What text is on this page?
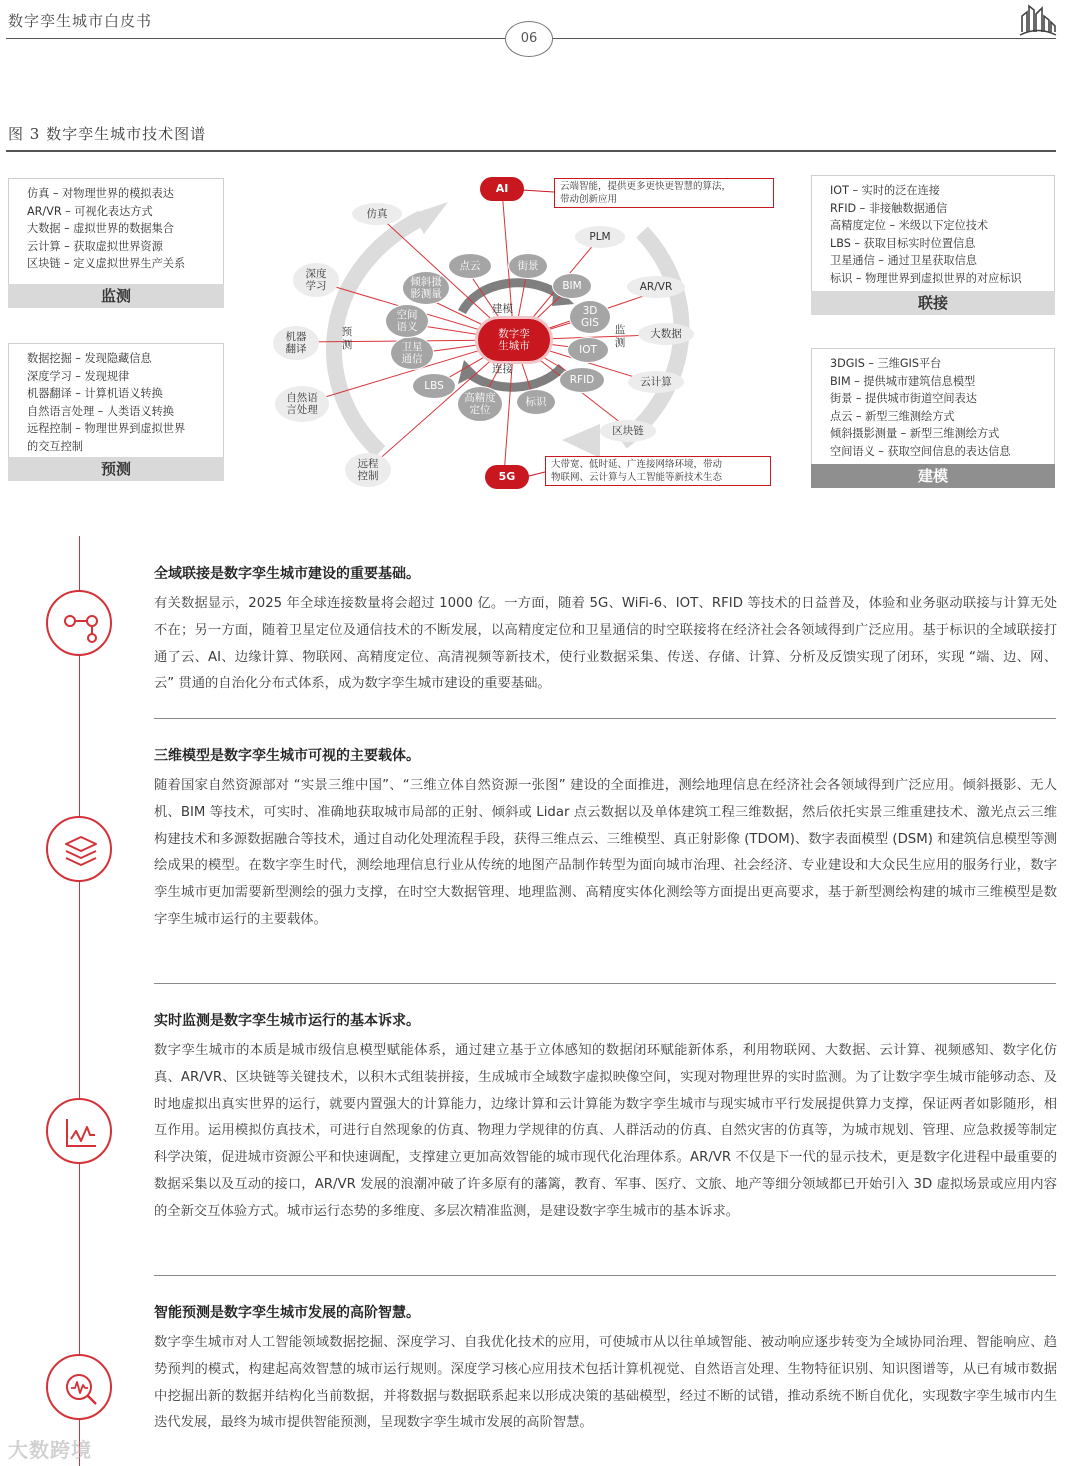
数字孪生城市白皮书
06
图 3 数字孪生城市技术图谱
仿真 – 对物理世界的模拟表达
AR/VR – 可视化表达方式
大数据 – 虚拟世界的数据集合
云计算 – 获取虚拟世界资源
区块链 – 定义虚拟世界生产关系
监测
数据挖掘 – 发现隐藏信息
深度学习 – 发现规律
机器翻译 – 计算机语义转换
自然语言处理 – 人类语义转换
远程控制 – 物理世界到虚拟世界
的交互控制
预测
IOT – 实时的泛在连接
RFID – 非接触数据通信
高精度定位 – 米级以下定位技术
LBS – 获取目标实时位置信息
卫星通信 – 通过卫星获取信息
标识 – 物理世界到虚拟世界的对应标识
联接
3DGIS – 三维GIS平台
BIM – 提供城市建筑信息模型
街景 – 提供城市街道空间表达
点云 – 新型三维测绘方式
倾斜摄影测量 – 新型三维测绘方式
空间语义 – 获取空间信息的表达信息
建模
AI
5G
数字孪
生城市
云端智能，提供更多更快更智慧的算法，
带动创新应用
大带宽、低时延、广连接网络环境，带动
物联网、云计算与人工智能等新技术生态
建模
连接
预
测
监
测
点云	街景
BIM
3D
GIS
IOT
RFID
标识
高精度
定位
LBS
卫星
通信
空间
语义
倾斜摄
影测量
仿真
PLM
AR/VR
大数据
云计算
区块链
深度
学习
机器
翻译
自然语
言处理
远程
控制
全域联接是数字孪生城市建设的重要基础。
有关数据显示，2025 年全球连接数量将会超过 1000 亿。一方面，随着 5G、WiFi-6、IOT、RFID 等技术的日益普及，体验和业务驱动联接与计算无处不在；另一方面，随着卫星定位及通信技术的不断发展，以高精度定位和卫星通信的时空联接将在经济社会各领域得到广泛应用。基于标识的全域联接打通了云、AI、边缘计算、物联网、高精度定位、高清视频等新技术，使行业数据采集、传送、存储、计算、分析及反馈实现了闭环，实现 “端、边、网、云” 贯通的自治化分布式体系，成为数字孪生城市建设的重要基础。
三维模型是数字孪生城市可视的主要载体。
随着国家自然资源部对 “实景三维中国”、“三维立体自然资源一张图” 建设的全面推进，测绘地理信息在经济社会各领域得到广泛应用。倾斜摄影、无人机、BIM 等技术，可实时、准确地获取城市局部的正射、倾斜或 Lidar 点云数据以及单体建筑工程三维数据，然后依托实景三维重建技术、激光点云三维构建技术和多源数据融合等技术，通过自动化处理流程手段，获得三维点云、三维模型、真正射影像 (TDOM)、数字表面模型 (DSM) 和建筑信息模型等测绘成果的模型。在数字孪生时代，测绘地理信息行业从传统的地图产品制作转型为面向城市治理、社会经济、专业建设和大众民生应用的服务行业，数字孪生城市更加需要新型测绘的强力支撑，在时空大数据管理、地理监测、高精度实体化测绘等方面提出更高要求，基于新型测绘构建的城市三维模型是数字孪生城市运行的主要载体。
实时监测是数字孪生城市运行的基本诉求。
数字孪生城市的本质是城市级信息模型赋能体系，通过建立基于立体感知的数据闭环赋能新体系，利用物联网、大数据、云计算、视频感知、数字化仿真、AR/VR、区块链等关键技术，以积木式组装拼接，生成城市全域数字虚拟映像空间，实现对物理世界的实时监测。为了让数字孪生城市能够动态、及时地虚拟出真实世界的运行，就要内置强大的计算能力，边缘计算和云计算能为数字孪生城市与现实城市平行发展提供算力支撑，保证两者如影随形，相互作用。运用模拟仿真技术，可进行自然现象的仿真、物理力学规律的仿真、人群活动的仿真、自然灾害的仿真等，为城市规划、管理、应急救援等制定科学决策，促进城市资源公平和快速调配，支撑建立更加高效智能的城市现代化治理体系。AR/VR 不仅是下一代的显示技术，更是数字化进程中最重要的数据采集以及互动的接口，AR/VR 发展的浪潮冲破了许多原有的藩篱，教育、军事、医疗、文旅、地产等细分领域都已开始引入 3D 虚拟场景或应用内容的全新交互体验方式。城市运行态势的多维度、多层次精准监测，是建设数字孪生城市的基本诉求。
智能预测是数字孪生城市发展的高阶智慧。
数字孪生城市对人工智能领域数据挖掘、深度学习、自我优化技术的应用，可使城市从以往单域智能、被动响应逐步转变为全域协同治理、智能响应、趋势预判的模式，构建起高效智慧的城市运行规则。深度学习核心应用技术包括计算机视觉、自然语言处理、生物特征识别、知识图谱等，从已有城市数据中挖掘出新的数据并结构化当前数据，并将数据与数据联系起来以形成决策的基础模型，经过不断的试错，推动系统不断自优化，实现数字孪生城市内生迭代发展，最终为城市提供智能预测，呈现数字孪生城市发展的高阶智慧。
大数跨境
